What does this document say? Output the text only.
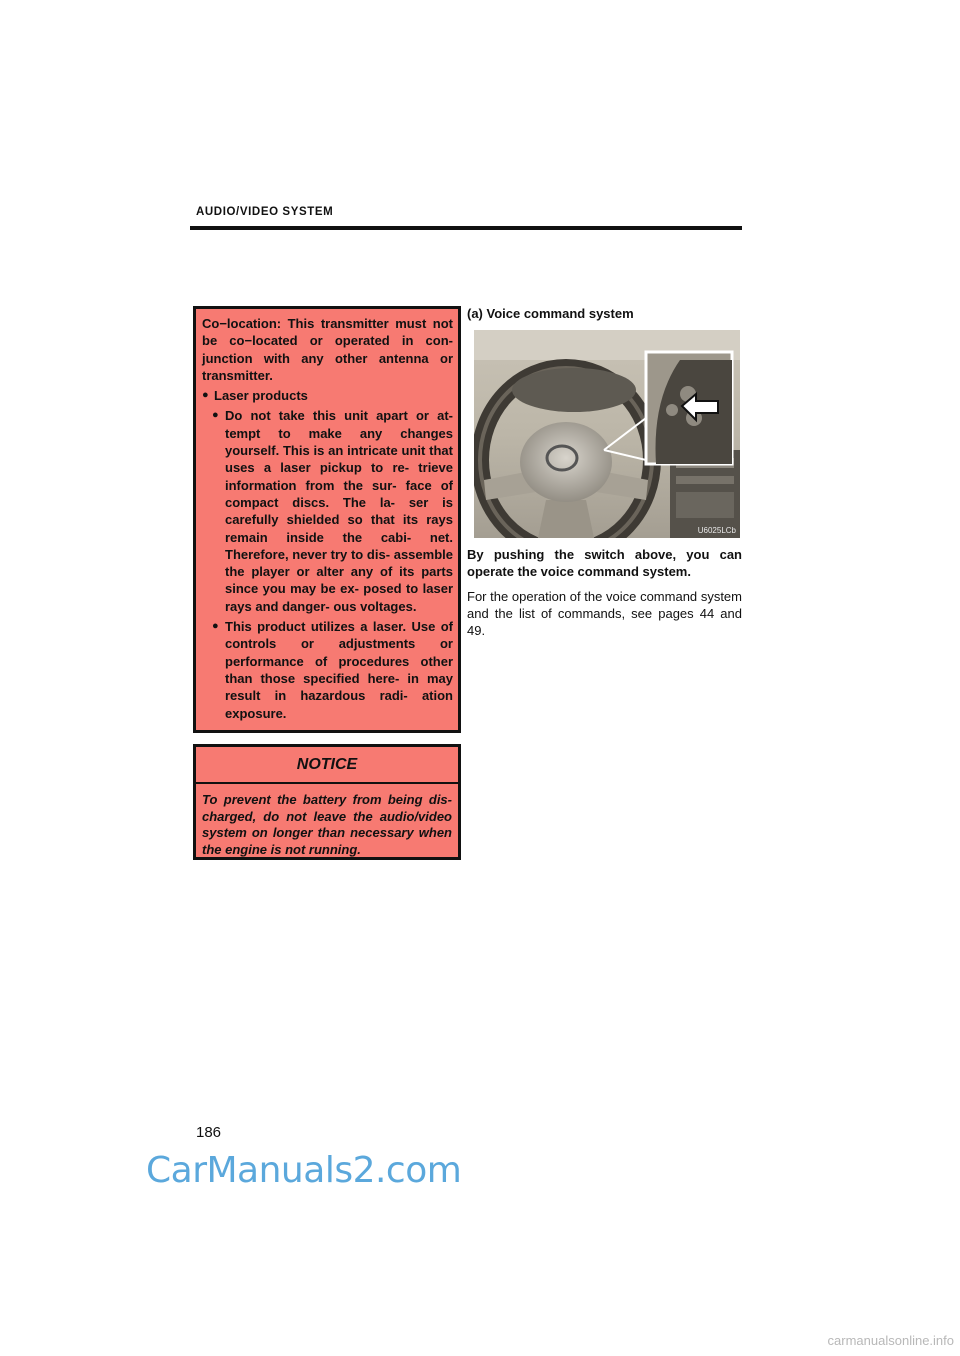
AUDIO/VIDEO SYSTEM

Co−location: This transmitter must not be co−located or operated in con- junction with any other antenna or transmitter.

● Laser products
● Do not take this unit apart or at- tempt to make any changes yourself. This is an intricate unit that uses a laser pickup to re- trieve information from the sur- face of compact discs. The la- ser is carefully shielded so that its rays remain inside the cabi- net. Therefore, never try to dis- assemble the player or alter any of its parts since you may be ex- posed to laser rays and danger- ous voltages.
● This product utilizes a laser. Use of controls or adjustments or performance of procedures other than those specified here- in may result in hazardous radi- ation exposure.
NOTICE
To prevent the battery from being dis- charged, do not leave the audio/video system on longer than necessary when the engine is not running.
(a) Voice command system
U6025LCb
By pushing the switch above, you can operate the voice command system.
For the operation of the voice command system and the list of commands, see pages 44 and 49.
186
CarManuals2.com
carmanualsonline.info
